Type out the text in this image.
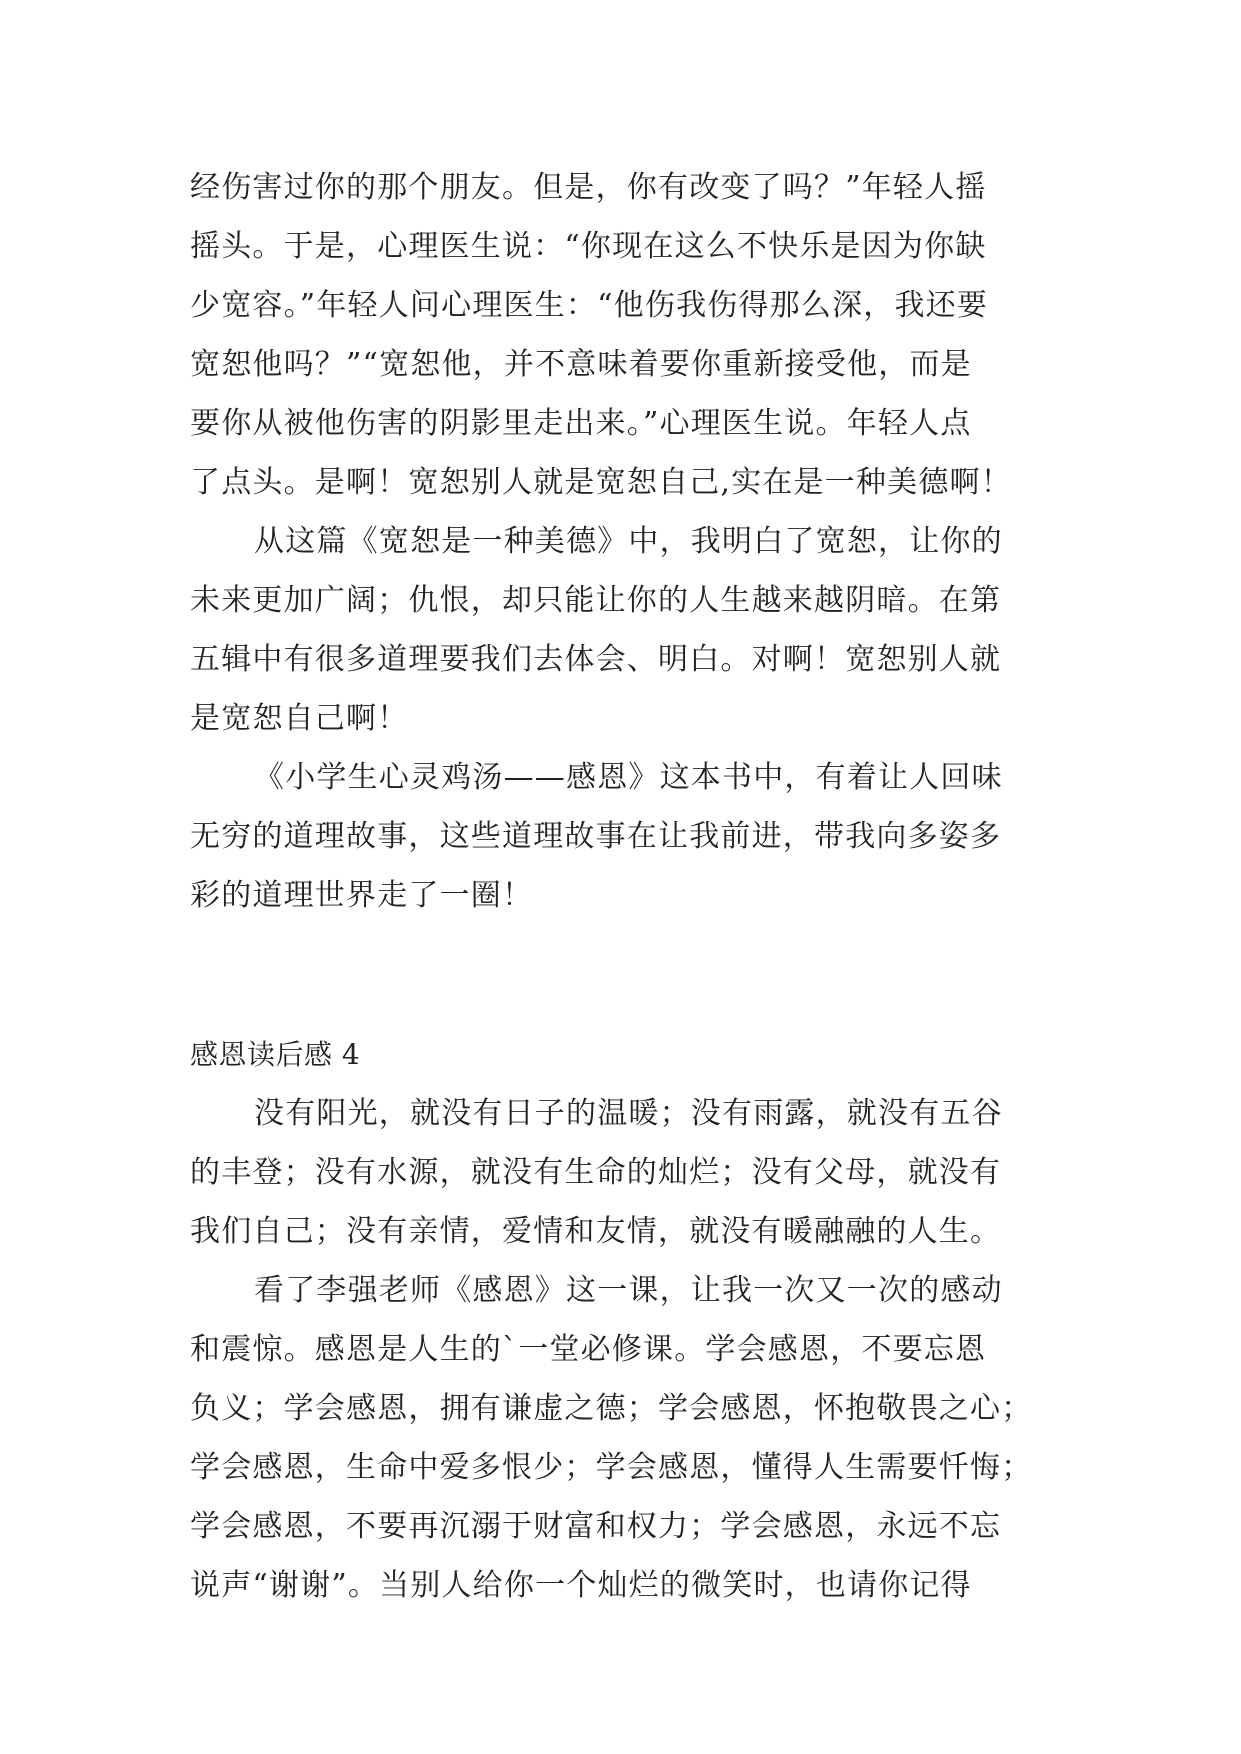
经伤害过你的那个朋友。但是，你有改变了吗？”年轻人摇
摇头。于是，心理医生说：“你现在这么不快乐是因为你缺
少宽容。”年轻人问心理医生：“他伤我伤得那么深，我还要
宽恕他吗？”“宽恕他，并不意味着要你重新接受他，而是
要你从被他伤害的阴影里走出来。”心理医生说。年轻人点
了点头。是啊！宽恕别人就是宽恕自己,实在是一种美德啊！
从这篇《宽恕是一种美德》中，我明白了宽恕，让你的
未来更加广阔；仇恨，却只能让你的人生越来越阴暗。在第
五辑中有很多道理要我们去体会、明白。对啊！宽恕别人就
是宽恕自己啊！
《小学生心灵鸡汤——感恩》这本书中，有着让人回味
无穷的道理故事，这些道理故事在让我前进，带我向多姿多
彩的道理世界走了一圈！
感恩读后感 4
没有阳光，就没有日子的温暖；没有雨露，就没有五谷
的丰登；没有水源，就没有生命的灿烂；没有父母，就没有
我们自己；没有亲情，爱情和友情，就没有暖融融的人生。
看了李强老师《感恩》这一课，让我一次又一次的感动
和震惊。感恩是人生的`一堂必修课。学会感恩，不要忘恩
负义；学会感恩，拥有谦虚之德；学会感恩，怀抱敬畏之心；
学会感恩，生命中爱多恨少；学会感恩，懂得人生需要忏悔；
学会感恩，不要再沉溺于财富和权力；学会感恩，永远不忘
说声“谢谢”。当别人给你一个灿烂的微笑时，也请你记得
